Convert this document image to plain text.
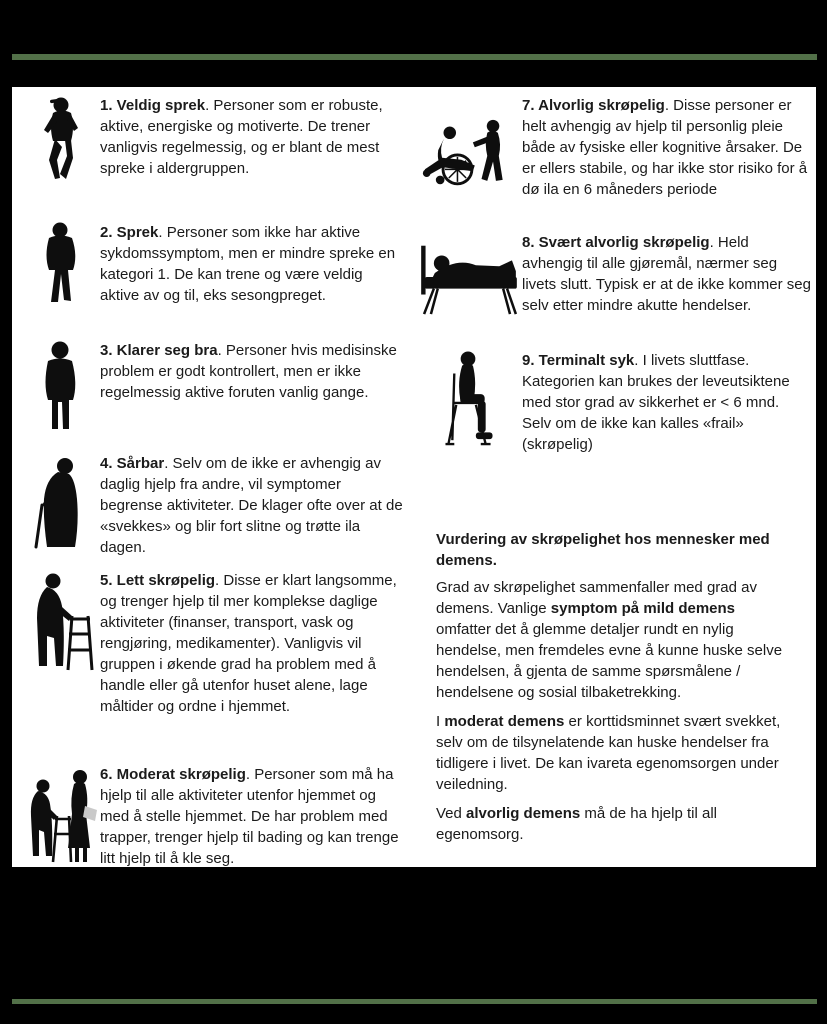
1. Veldig sprek. Personer som er robuste, aktive, energiske og motiverte. De trener vanligvis regelmessig, og er blant de mest spreke i aldergruppen.

2. Sprek. Personer som ikke har aktive sykdomssymptom, men er mindre spreke en kategori 1. De kan trene og være veldig aktive av og til, eks sesongpreget.

3. Klarer seg bra. Personer hvis medisinske problem er godt kontrollert, men er ikke regelmessig aktive foruten vanlig gange.

4. Sårbar. Selv om de ikke er avhengig av daglig hjelp fra andre, vil symptomer begrense aktiviteter. De klager ofte over at de «svekkes» og blir fort slitne og trøtte ila dagen.

5. Lett skrøpelig. Disse er klart langsomme, og trenger hjelp til mer komplekse daglige aktiviteter (finanser, transport, vask og rengjøring, medikamenter). Vanligvis vil gruppen i økende grad ha problem med å handle eller gå utenfor huset alene, lage måltider og ordne i hjemmet.

6. Moderat skrøpelig. Personer som må ha hjelp til alle aktiviteter utenfor hjemmet og med å stelle hjemmet. De har problem med trapper, trenger hjelp til bading og kan trenge litt hjelp til å kle seg.

7. Alvorlig skrøpelig. Disse personer er helt avhengig av hjelp til personlig pleie både av fysiske eller kognitive årsaker. De er ellers stabile, og har ikke stor risiko for å dø ila en 6 måneders periode

8. Svært alvorlig skrøpelig. Held avhengig til alle gjøremål, nærmer seg livets slutt. Typisk er at de ikke kommer seg selv etter mindre akutte hendelser.

9. Terminalt syk. I livets sluttfase. Kategorien kan brukes der leveutsiktene med stor grad av sikkerhet er < 6 mnd. Selv om de ikke kan kalles «frail» (skrøpelig)

Vurdering av skrøpelighet hos mennesker med demens.

Grad av skrøpelighet sammenfaller med grad av demens. Vanlige symptom på mild demens omfatter det å glemme detaljer rundt en nylig hendelse, men fremdeles evne å kunne huske selve hendelsen, å gjenta de samme spørsmålene / hendelsene og sosial tilbaketrekking.

I moderat demens er korttidsminnet svært svekket, selv om de tilsynelatende kan huske hendelser fra tidligere i livet. De kan ivareta egenomsorgen under veiledning.

Ved alvorlig demens må de ha hjelp til all egenomsorg.
